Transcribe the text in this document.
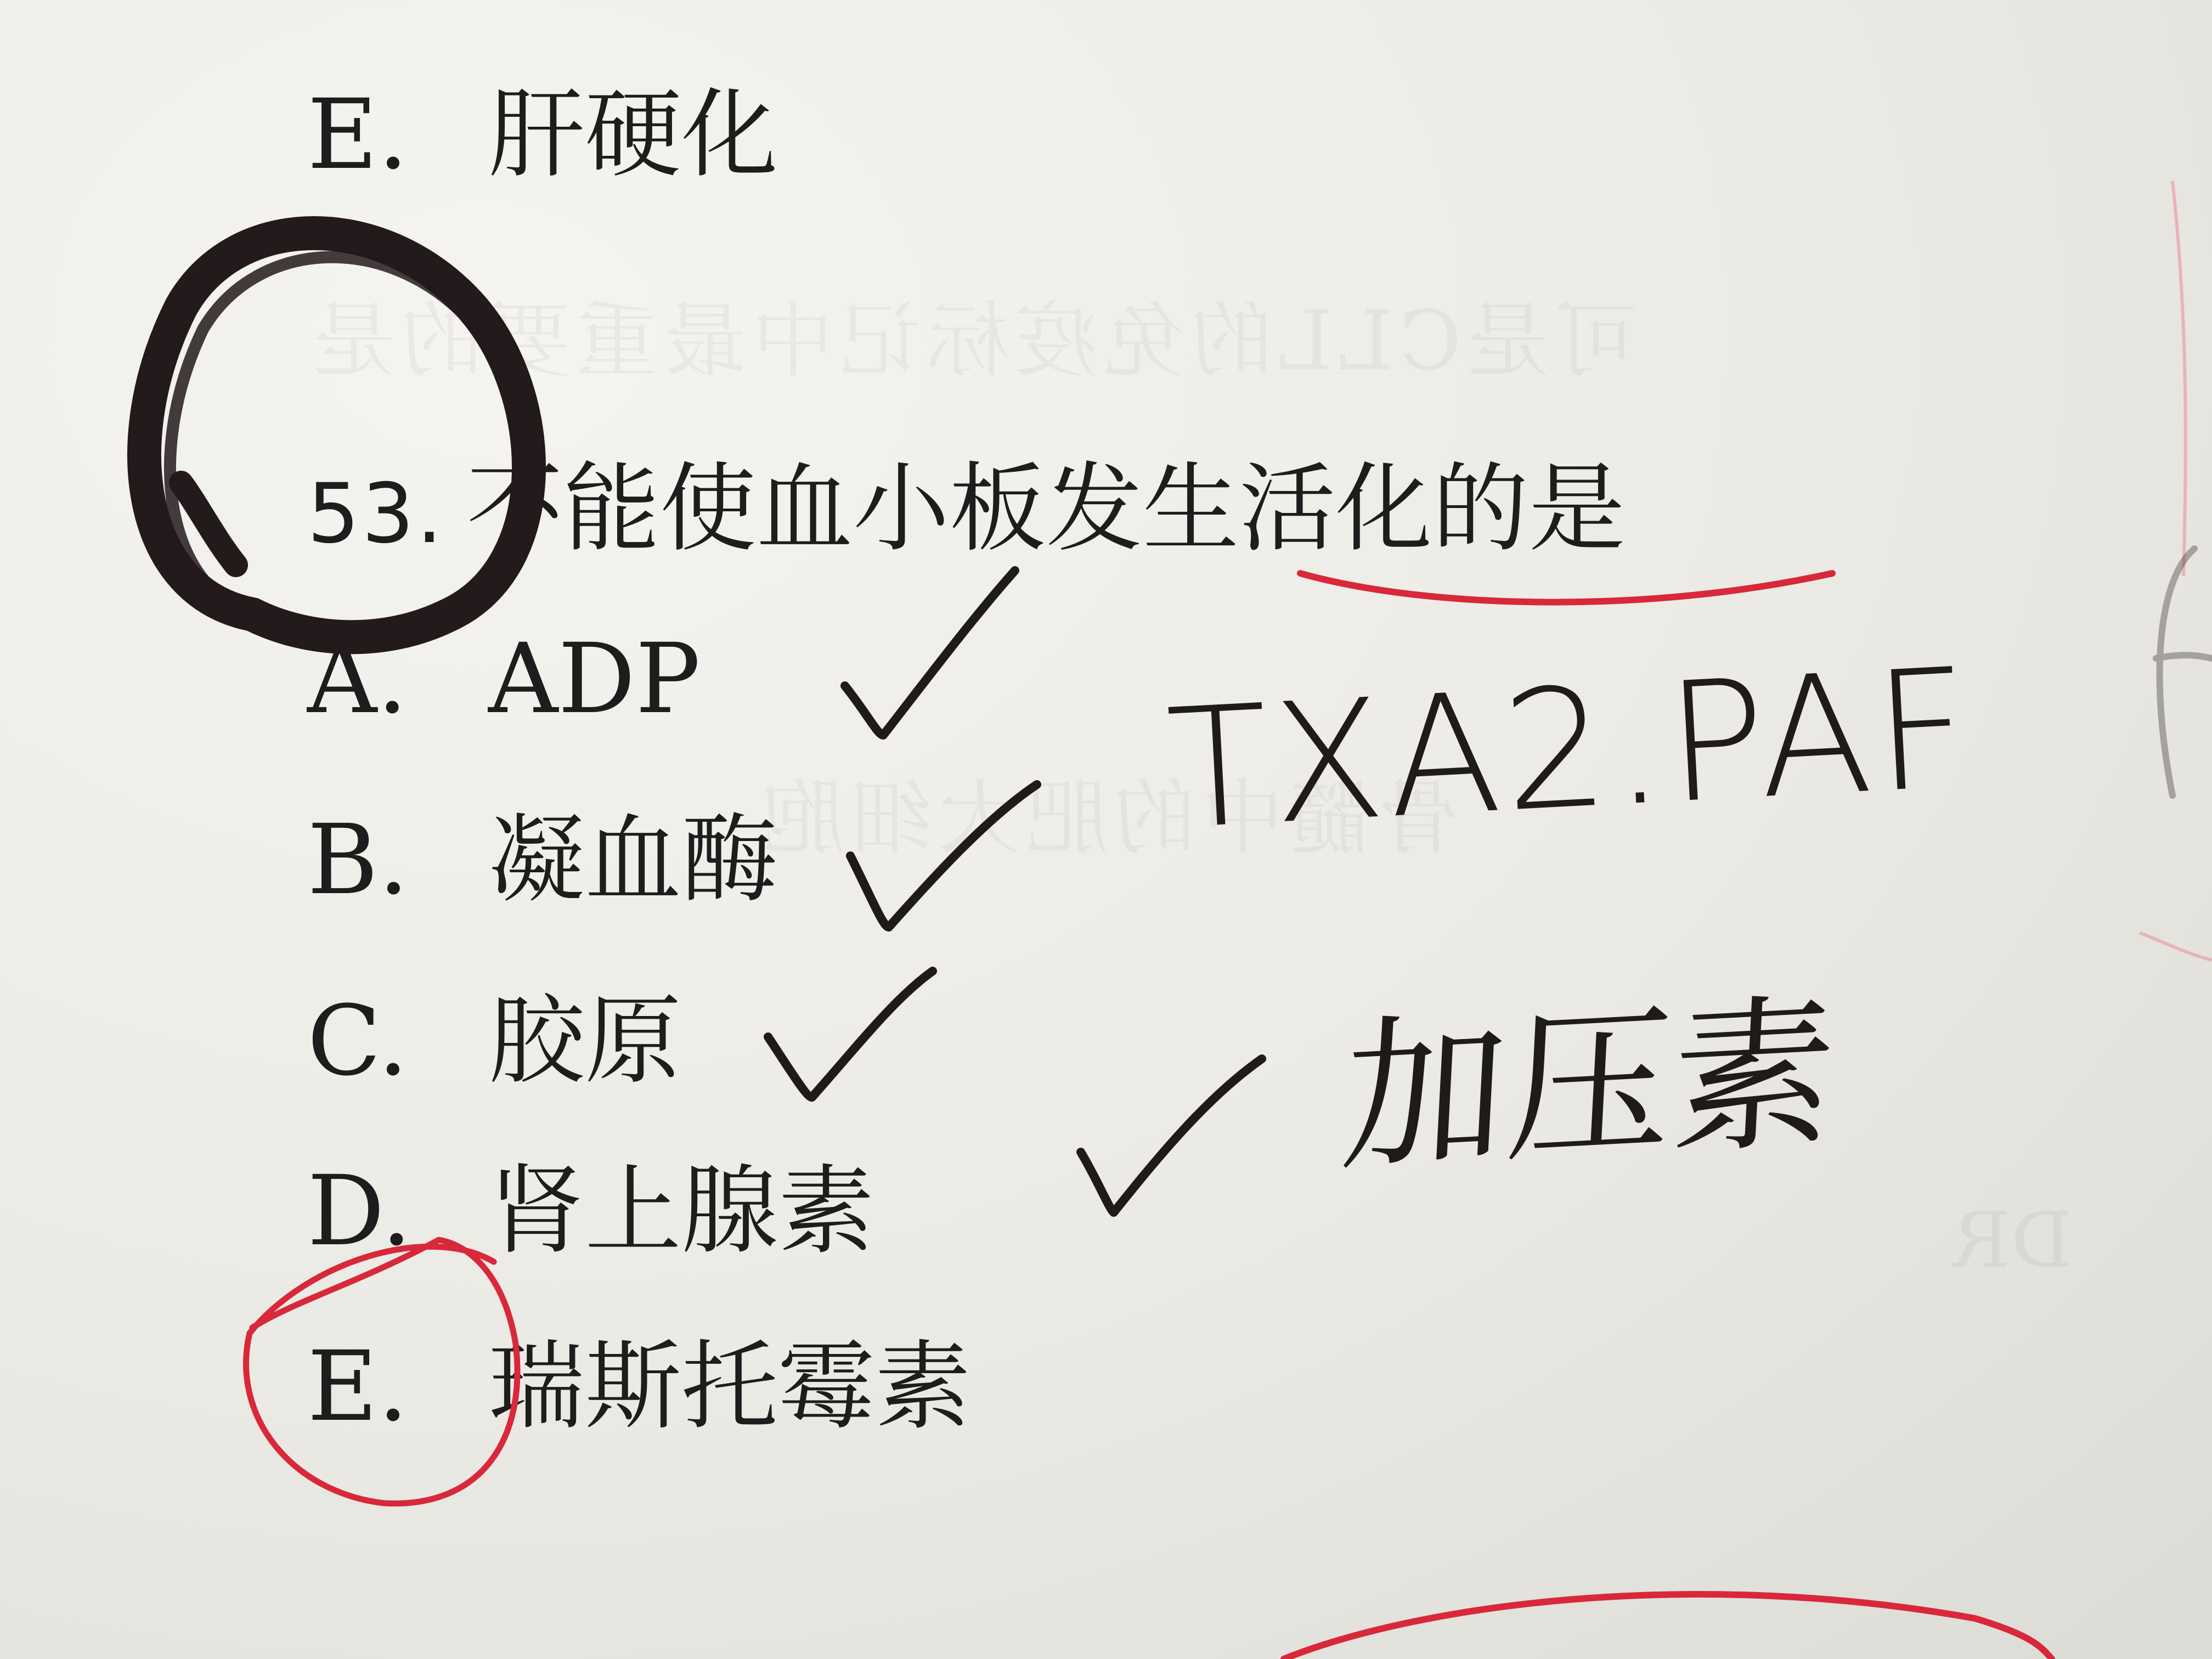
E. 肝硬化
53. 不能使血小板发生活化的是
A. ADP
B. 凝血酶
C. 胶原
D. 肾上腺素
E. 瑞斯托霉素
TXA2.PAF
加压素
